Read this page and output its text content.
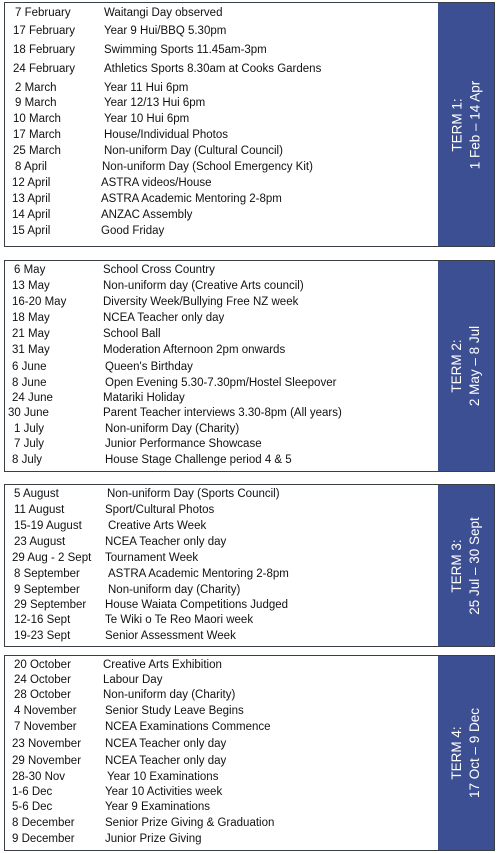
7 February	Waitangi Day observed
17 February	Year 9 Hui/BBQ 5.30pm
18 February	Swimming Sports 11.45am-3pm
24 February	Athletics Sports 8.30am at Cooks Gardens
2 March	Year 11 Hui 6pm
9 March	Year 12/13 Hui 6pm
10 March	Year 10 Hui 6pm
17 March	House/Individual Photos
25 March	Non-uniform Day (Cultural Council)
8 April	Non-uniform Day (School Emergency Kit)
12 April	ASTRA videos/House
13 April	ASTRA Academic Mentoring 2-8pm
14 April	ANZAC Assembly
15 April	Good Friday
TERM 1: 1 Feb – 14 Apr
6 May	School Cross Country
13 May	Non-uniform day (Creative Arts council)
16-20 May	Diversity Week/Bullying Free NZ week
18 May	NCEA Teacher only day
21 May	School Ball
31 May	Moderation Afternoon 2pm onwards
6 June	Queen's Birthday
8 June	Open Evening 5.30-7.30pm/Hostel Sleepover
24 June	Matariki Holiday
30 June	Parent Teacher interviews 3.30-8pm (All years)
1 July	Non-uniform Day (Charity)
7 July	Junior Performance Showcase
8 July	House Stage Challenge period 4 & 5
TERM 2: 2 May – 8 Jul
5 August	Non-uniform Day (Sports Council)
11 August	Sport/Cultural Photos
15-19 August Creative Arts Week
23 August	NCEA Teacher only day
29 Aug - 2 Sept Tournament Week
8 September ASTRA Academic Mentoring 2-8pm
9 September Non-uniform day (Charity)
29 September House Waiata Competitions Judged
12-16 Sept	Te Wiki o Te Reo Maori week
19-23 Sept	Senior Assessment Week
TERM 3: 25 Jul – 30 Sept
20 October	Creative Arts Exhibition
24 October	Labour Day
28 October	Non-uniform day (Charity)
4 November Senior Study Leave Begins
7 November NCEA Examinations Commence
23 November NCEA Teacher only day
29 November NCEA Teacher only day
28-30 Nov	Year 10 Examinations
1-6 Dec	Year 10 Activities week
5-6 Dec	Year 9 Examinations
8 December	Senior Prize Giving & Graduation
9 December	Junior Prize Giving
TERM 4: 17 Oct – 9 Dec
